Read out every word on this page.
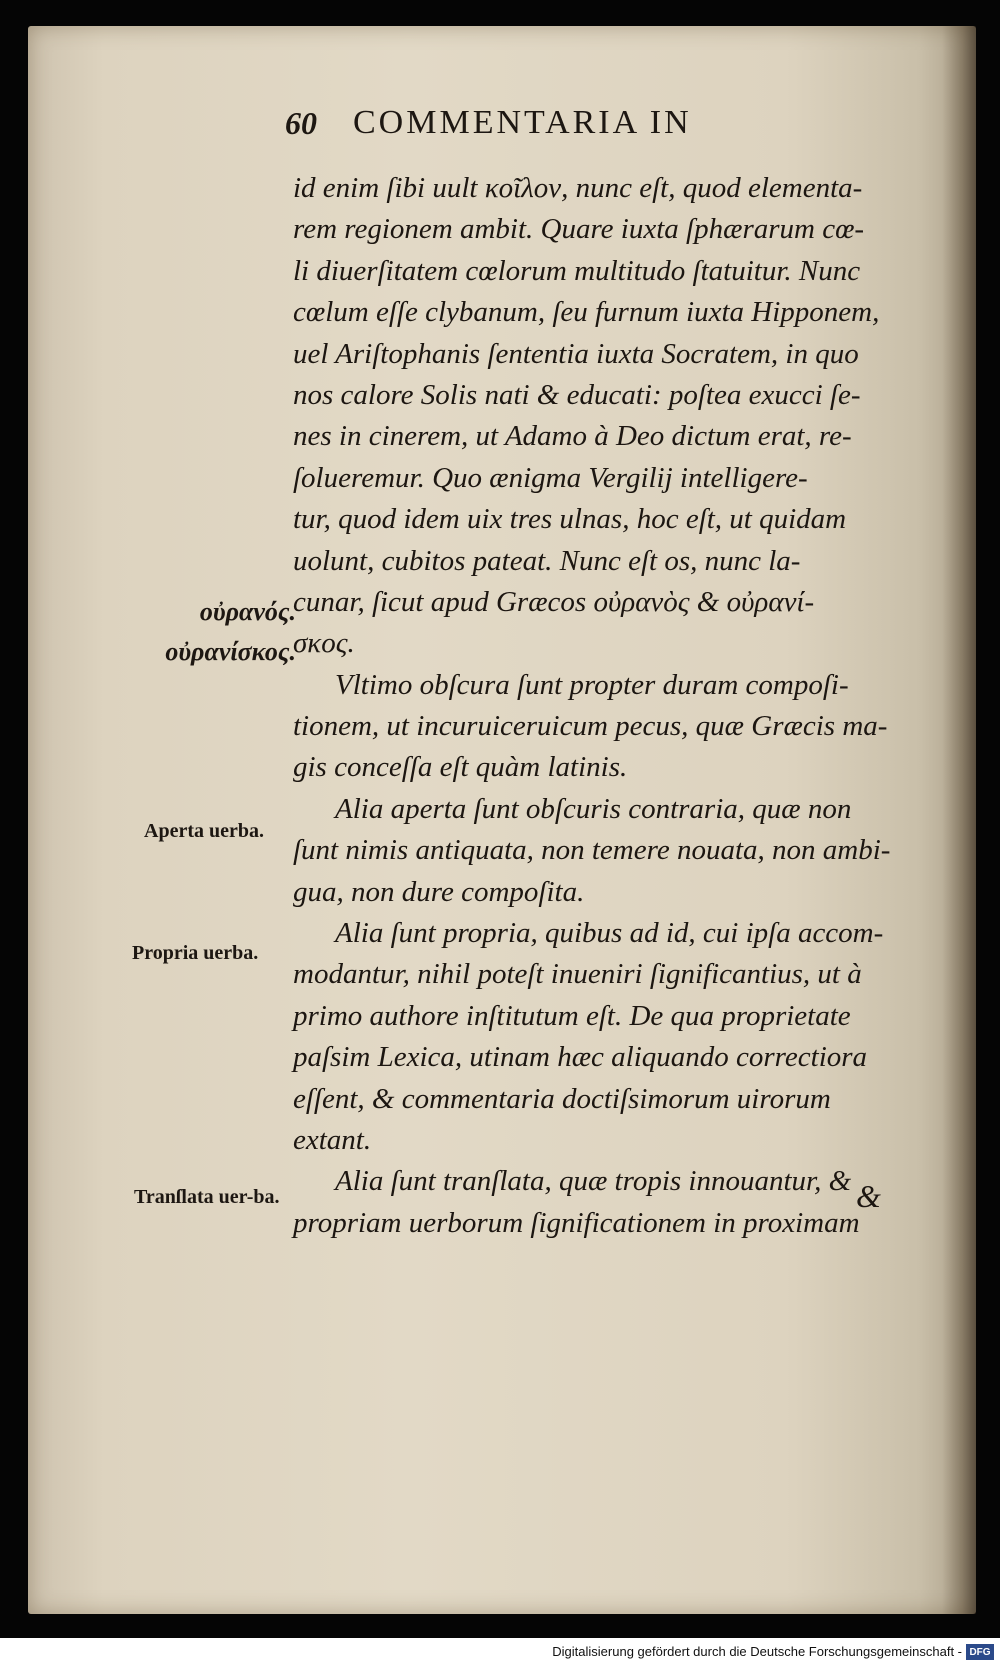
60 COMMENTARIA IN
id enim ſibi uult κοῖλον, nunc eſt, quod elementa-
rem regionem ambit. Quare iuxta ſphærarum cœ-
li diuerſitatem cœlorum multitudo ſtatuitur. Nunc
cœlum eſſe clybanum, ſeu furnum iuxta Hipponem,
uel Ariſtophanis ſententia iuxta Socratem, in quo
nos calore Solis nati & educati: poſtea exucci ſe-
nes in cinerem, ut Adamo à Deo dictum erat, re-
ſolueremur. Quo ænigma Vergilij intelligere-
tur, quod idem uix tres ulnas, hoc eſt, ut quidam
uolunt, cubitos pateat. Nunc eſt os, nunc la-
cunar, ſicut apud Græcos οὐρανὸς & οὐρανί-
σκος.
Vltimo obſcura ſunt propter duram compoſi-
tionem, ut incuruiceruicum pecus, quæ Græcis ma-
gis conceſſa eſt quàm latinis.
Alia aperta ſunt obſcuris contraria, quæ non
ſunt nimis antiquata, non temere nouata, non ambi-
gua, non dure compoſita.
Alia ſunt propria, quibus ad id, cui ipſa accom-
modantur, nihil poteſt inueniri ſignificantius, ut à
primo authore inſtitutum eſt. De qua proprietate
paſsim Lexica, utinam hæc aliquando correctiora
eſſent, & commentaria doctiſsimorum uirorum
extant.
Alia ſunt tranſlata, quæ tropis innouantur, &
propriam uerborum ſignificationem in proximam
οὐρανός.
οὐρανίσκος.
Aperta uerba.
Propria uerba.
Tranſlata uer-ba.	&
Digitalisierung gefördert durch die Deutsche Forschungsgemeinschaft - DFG
